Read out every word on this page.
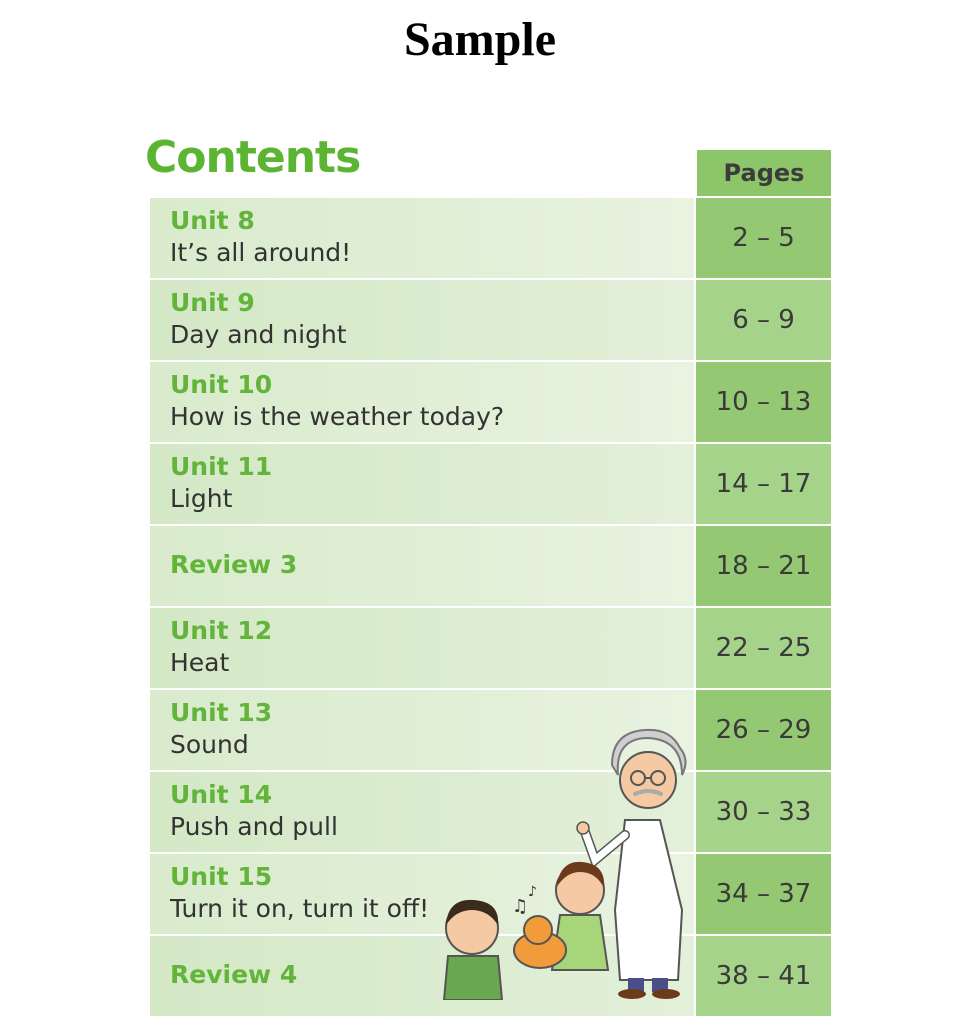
Sample
Contents	Pages
Unit 8
It’s all around!	2 – 5
Unit 9
Day and night	6 – 9
Unit 10
How is the weather today?	10 – 13
Unit 11
Light	14 – 17
Review 3	18 – 21
Unit 12
Heat	22 – 25
Unit 13
Sound	26 – 29
Unit 14
Push and pull	30 – 33
Unit 15
Turn it on, turn it off!	34 – 37
Review 4	38 – 41
♫
♪
